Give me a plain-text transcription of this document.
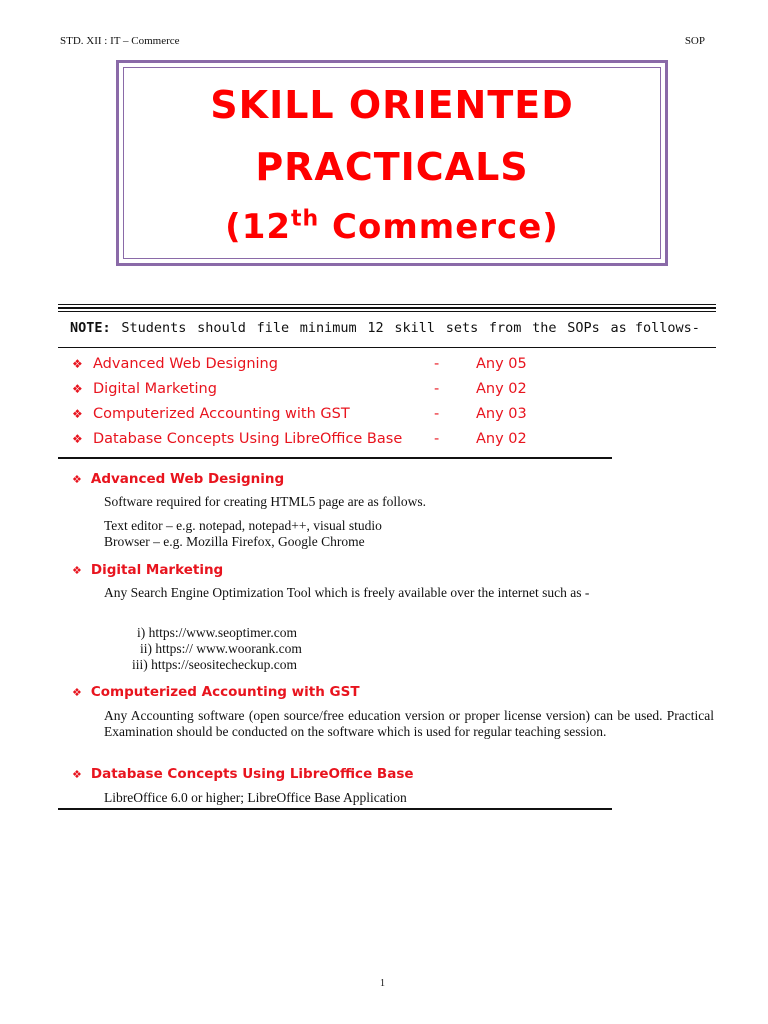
STD. XII : IT – Commerce	SOP
SKILL ORIENTED
PRACTICALS
(12th Commerce)
NOTE: Students should file minimum 12 skill sets from the SOPs as follows-
❖ Advanced Web Designing	-	Any 05
❖ Digital Marketing	-	Any 02
❖ Computerized Accounting with GST	-	Any 03
❖ Database Concepts Using LibreOffice Base -	Any 02
❖ Advanced Web Designing
Software required for creating HTML5 page are as follows.
Text editor – e.g. notepad, notepad++, visual studio
Browser – e.g. Mozilla Firefox, Google Chrome
❖ Digital Marketing
Any Search Engine Optimization Tool which is freely available over the internet such as -
i) https://www.seoptimer.com
ii) https:// www.woorank.com
iii) https://seositecheckup.com
❖ Computerized Accounting with GST
Any Accounting software (open source/free education version or proper license version) can be used. Practical Examination should be conducted on the software which is used for regular teaching session.
❖ Database Concepts Using LibreOffice Base
LibreOffice 6.0 or higher; LibreOffice Base Application
1
